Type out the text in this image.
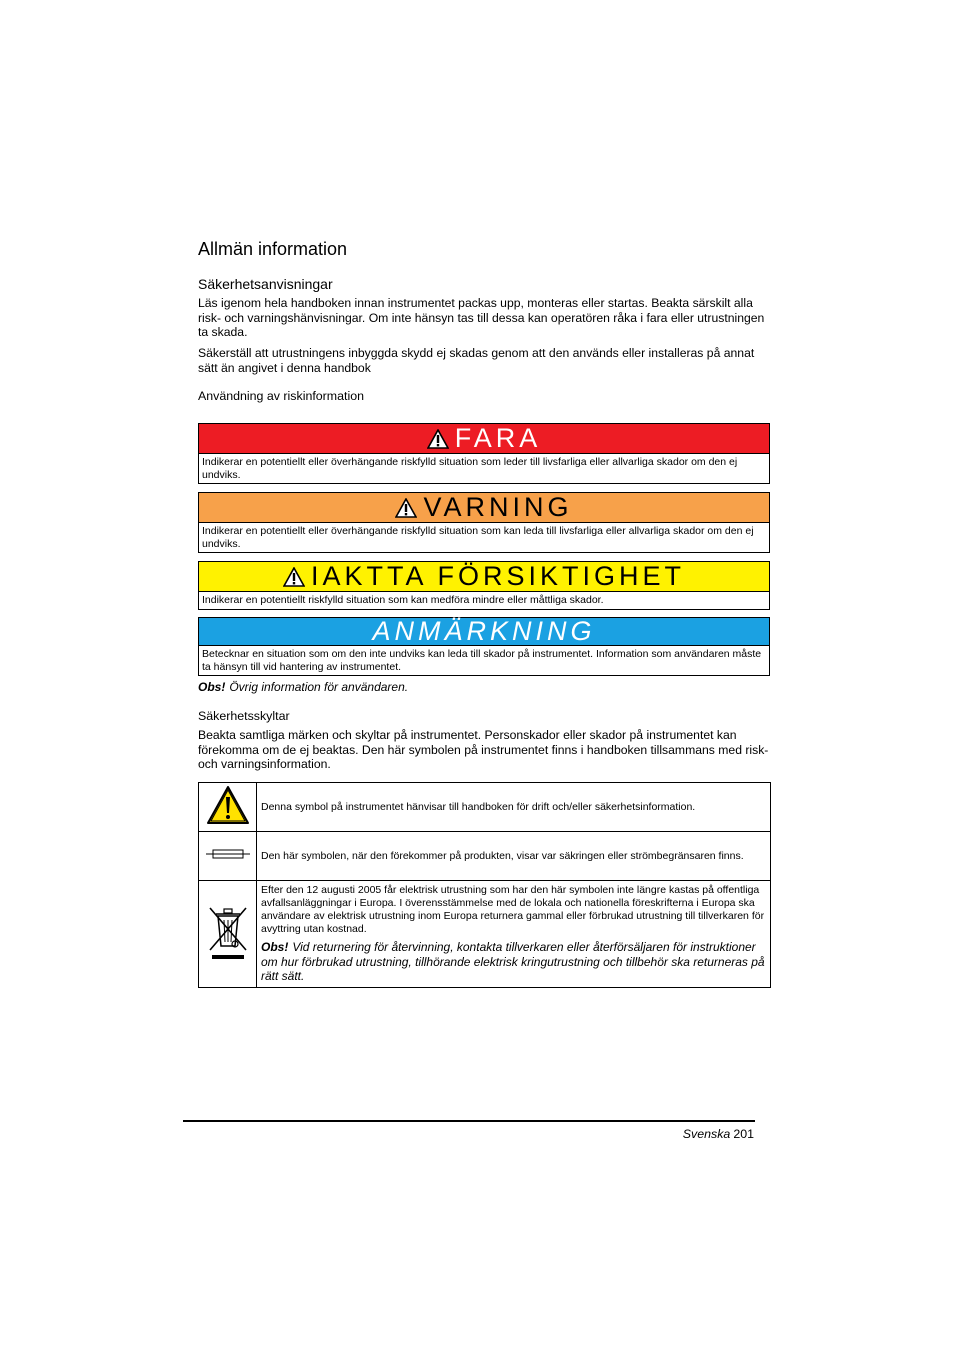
Allmän information
Säkerhetsanvisningar

Läs igenom hela handboken innan instrumentet packas upp, monteras eller startas. Beakta särskilt alla risk- och varningshänvisningar. Om inte hänsyn tas till dessa kan operatören råka i fara eller utrustningen ta skada.

Säkerställ att utrustningens inbyggda skydd ej skadas genom att den används eller installeras på annat sätt än angivet i denna handbok

Användning av riskinformation
FARA
Indikerar en potentiellt eller överhängande riskfylld situation som leder till livsfarliga eller allvarliga skador om den ej undviks.
VARNING
Indikerar en potentiellt eller överhängande riskfylld situation som kan leda till livsfarliga eller allvarliga skador om den ej undviks.
IAKTTA FÖRSIKTIGHET
Indikerar en potentiellt riskfylld situation som kan medföra mindre eller måttliga skador.
ANMÄRKNING
Betecknar en situation som om den inte undviks kan leda till skador på instrumentet. Information som användaren måste ta hänsyn till vid hantering av instrumentet.
Obs! Övrig information för användaren.
Säkerhetsskyltar

Beakta samtliga märken och skyltar på instrumentet. Personskador eller skador på instrumentet kan förekomma om de ej beaktas. Den här symbolen på instrumentet finns i handboken tillsammans med risk- och varningsinformation.

	Denna symbol på instrumentet hänvisar till handboken för drift och/eller säkerhetsinformation.
	Den här symbolen, när den förekommer på produkten, visar var säkringen eller strömbegränsaren finns.

Efter den 12 augusti 2005 får elektrisk utrustning som har den här symbolen inte längre kastas på offentliga avfallsanläggningar i Europa. I överensstämmelse med de lokala och nationella föreskrifterna i Europa ska användare av elektrisk utrustning inom Europa returnera gammal eller förbrukad utrustning till tillverkaren för avyttring utan kostnad.
Obs! Vid returnering för återvinning, kontakta tillverkaren eller återförsäljaren för instruktioner om hur förbrukad utrustning, tillhörande elektrisk kringutrustning och tillbehör ska returneras på rätt sätt.
Svenska 201
